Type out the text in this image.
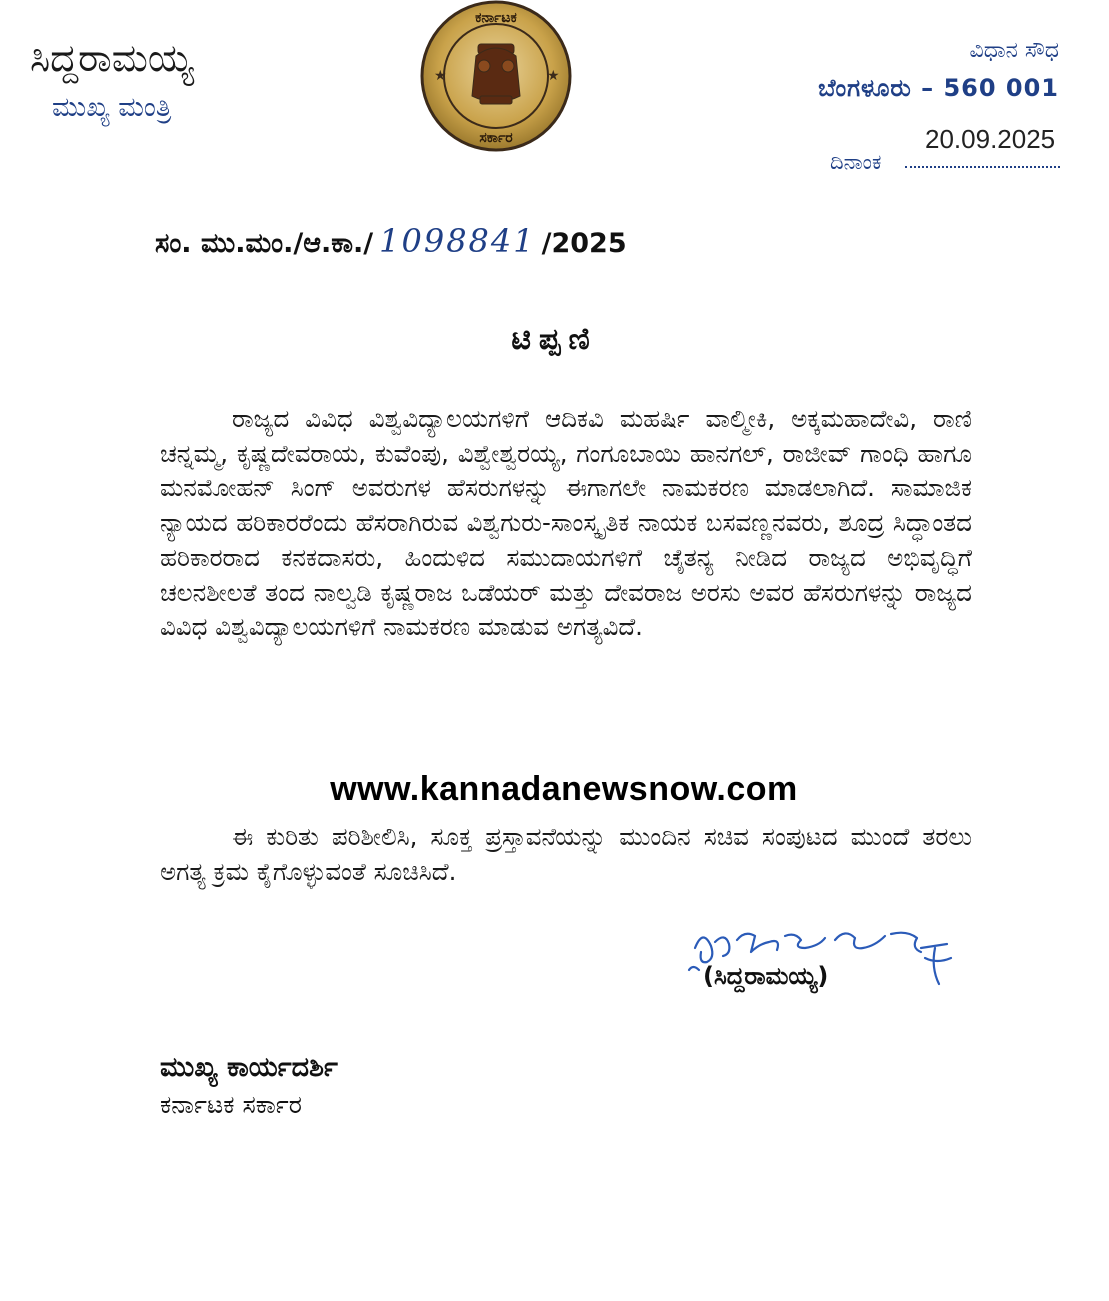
ಸಿದ್ದರಾಮಯ್ಯ
ಮುಖ್ಯ ಮಂತ್ರಿ
★	★
ಕರ್ನಾಟಕ
ಸರ್ಕಾರ
ವಿಧಾನ ಸೌಧ
ಬೆಂಗಳೂರು – 560 001
20.09.2025
ದಿನಾಂಕ
ಸಂ. ಮು.ಮಂ./ಆ.ಕಾ./ 1098841 /2025
ಟಿಪ್ಪಣಿ

ರಾಜ್ಯದ ವಿವಿಧ ವಿಶ್ವವಿದ್ಯಾಲಯಗಳಿಗೆ ಆದಿಕವಿ ಮಹರ್ಷಿ ವಾಲ್ಮೀಕಿ, ಅಕ್ಕಮಹಾದೇವಿ, ರಾಣಿ ಚನ್ನಮ್ಮ, ಕೃಷ್ಣದೇವರಾಯ, ಕುವೆಂಪು, ವಿಶ್ವೇಶ್ವರಯ್ಯ, ಗಂಗೂಬಾಯಿ ಹಾನಗಲ್, ರಾಜೀವ್ ಗಾಂಧಿ ಹಾಗೂ ಮನಮೋಹನ್ ಸಿಂಗ್ ಅವರುಗಳ ಹೆಸರುಗಳನ್ನು ಈಗಾಗಲೇ ನಾಮಕರಣ ಮಾಡಲಾಗಿದೆ. ಸಾಮಾಜಿಕ ನ್ಯಾಯದ ಹರಿಕಾರರೆಂದು ಹೆಸರಾಗಿರುವ ವಿಶ್ವಗುರು-ಸಾಂಸ್ಕೃತಿಕ ನಾಯಕ ಬಸವಣ್ಣನವರು, ಶೂದ್ರ ಸಿದ್ಧಾಂತದ ಹರಿಕಾರರಾದ ಕನಕದಾಸರು, ಹಿಂದುಳಿದ ಸಮುದಾಯಗಳಿಗೆ ಚೈತನ್ಯ ನೀಡಿದ ರಾಜ್ಯದ ಅಭಿವೃದ್ಧಿಗೆ ಚಲನಶೀಲತೆ ತಂದ ನಾಲ್ವಡಿ ಕೃಷ್ಣರಾಜ ಒಡೆಯರ್ ಮತ್ತು ದೇವರಾಜ ಅರಸು ಅವರ ಹೆಸರುಗಳನ್ನು ರಾಜ್ಯದ ವಿವಿಧ ವಿಶ್ವವಿದ್ಯಾಲಯಗಳಿಗೆ ನಾಮಕರಣ ಮಾಡುವ ಅಗತ್ಯವಿದೆ.

www.kannadanewsnow.com

ಈ ಕುರಿತು ಪರಿಶೀಲಿಸಿ, ಸೂಕ್ತ ಪ್ರಸ್ತಾವನೆಯನ್ನು ಮುಂದಿನ ಸಚಿವ ಸಂಪುಟದ ಮುಂದೆ ತರಲು ಅಗತ್ಯ ಕ್ರಮ ಕೈಗೊಳ್ಳುವಂತೆ ಸೂಚಿಸಿದೆ.

(ಸಿದ್ದರಾಮಯ್ಯ)
ಮುಖ್ಯ ಕಾರ್ಯದರ್ಶಿ
ಕರ್ನಾಟಕ ಸರ್ಕಾರ
